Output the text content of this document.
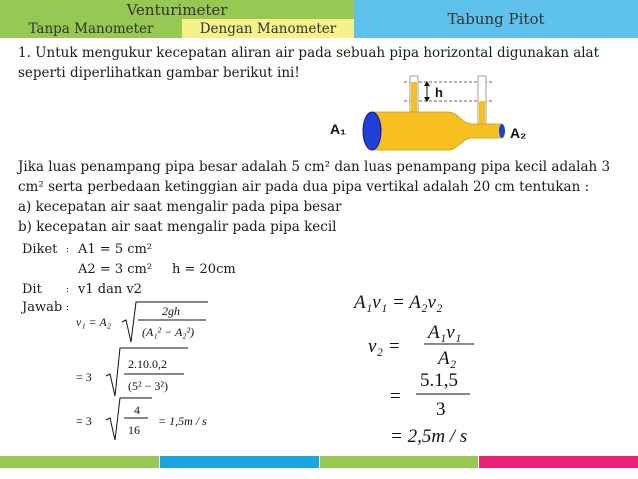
Venturimeter
Tabung Pitot
Tanpa Manometer	Dengan Manometer
1. Untuk mengukur kecepatan aliran air pada sebuah pipa horizontal digunakan alat
seperti diperlihatkan gambar berikut ini!
h
A₁	A₂
Jika luas penampang pipa besar adalah 5 cm² dan luas penampang pipa kecil adalah 3
cm² serta perbedaan ketinggian air pada dua pipa vertikal adalah 20 cm tentukan :
a) kecepatan air saat mengalir pada pipa besar
b) kecepatan air saat mengalir pada pipa kecil
Diket : A1 = 5 cm²
A2 = 3 cm² h = 20cm
Dit	: v1 dan v2
Jawab :
v₁ = A₂
2gh
(A₁² − A₂²)
= 3
2.10.0,2
(5² − 3²)
= 3
4
16
= 1,5m / s
A₁v₁ = A₂v₂
v₂ =
A₁v₁
A₂
=
5.1,5
3
= 2,5m / s
